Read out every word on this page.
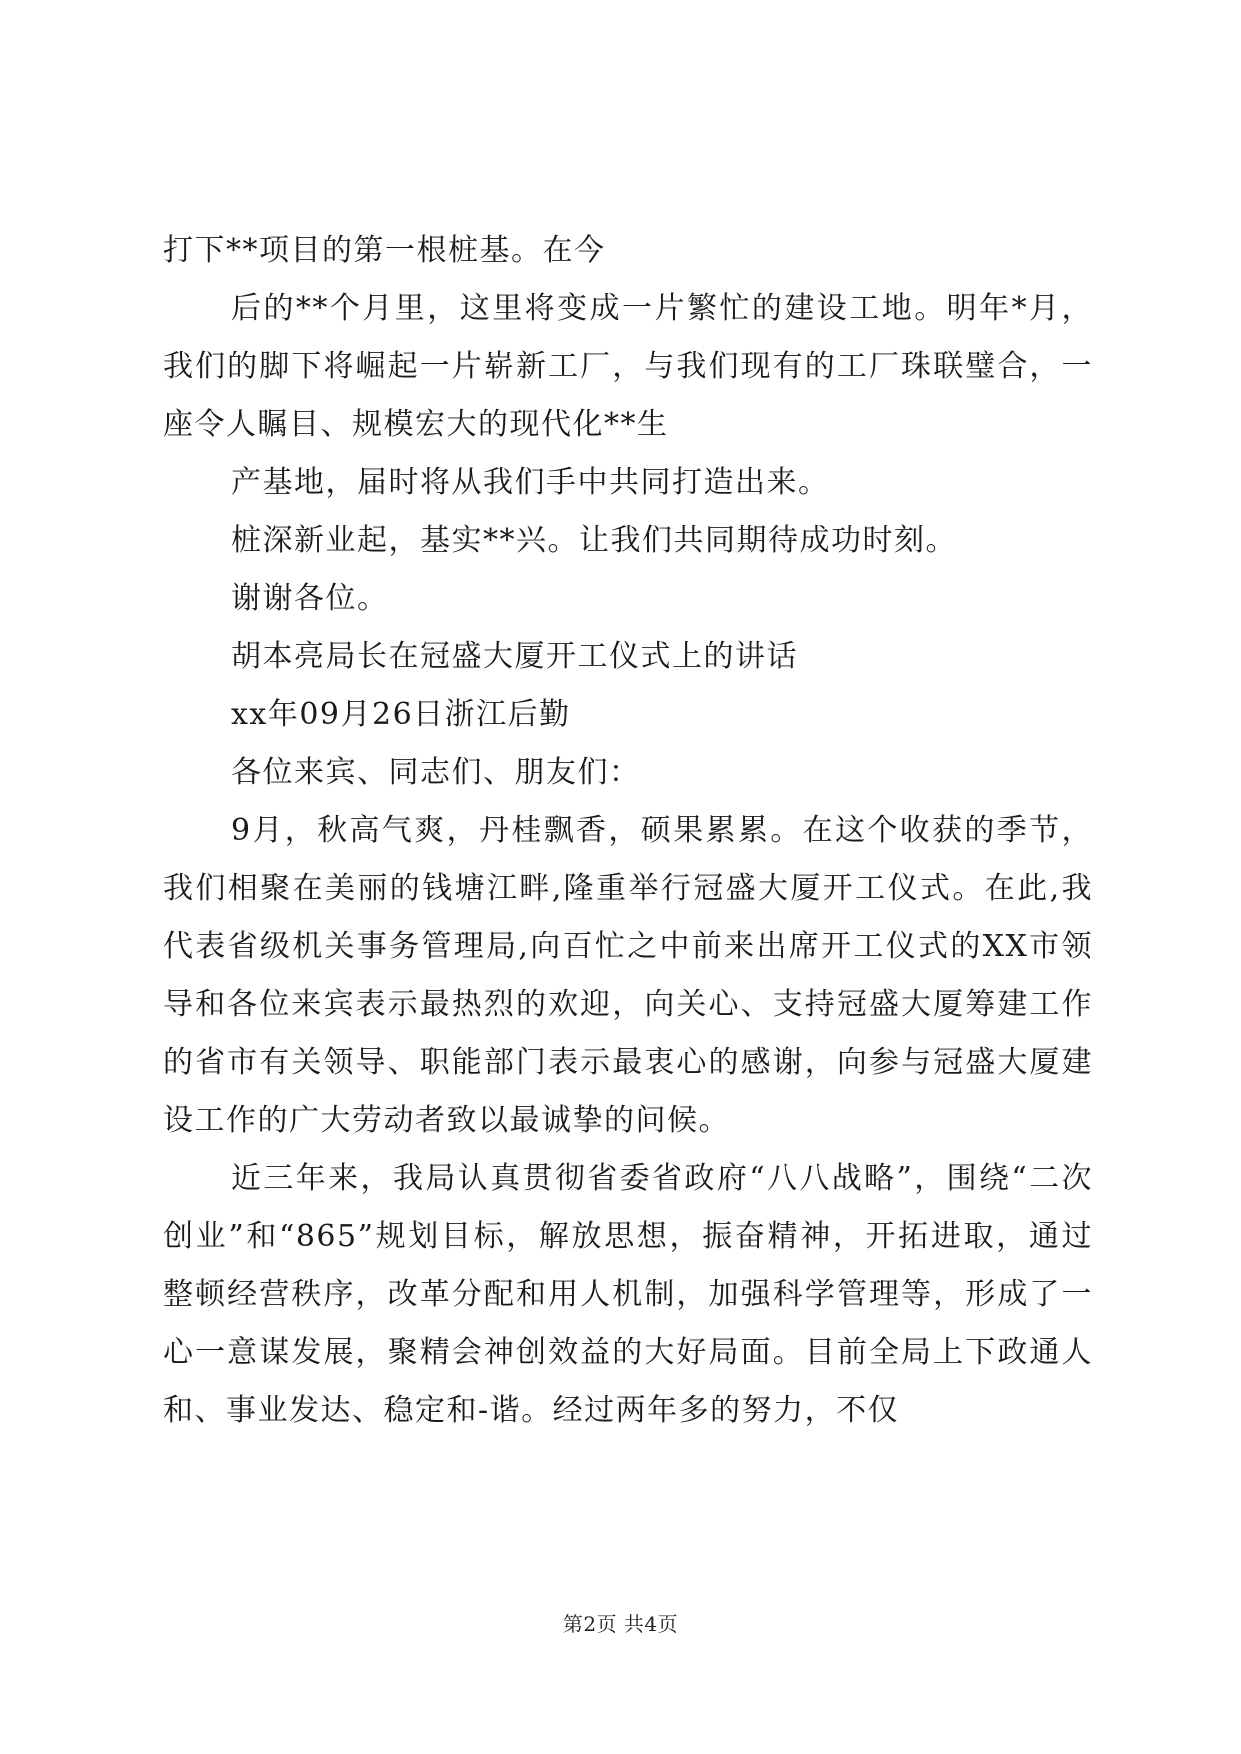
打下**项目的第一根桩基。在今

后的**个月里，这里将变成一片繁忙的建设工地。明年*月，我们的脚下将崛起一片崭新工厂，与我们现有的工厂珠联璧合，一座令人瞩目、规模宏大的现代化**生

产基地，届时将从我们手中共同打造出来。

桩深新业起，基实**兴。让我们共同期待成功时刻。

谢谢各位。

胡本亮局长在冠盛大厦开工仪式上的讲话

xx年09月26日浙江后勤

各位来宾、同志们、朋友们：

9月，秋高气爽，丹桂飘香，硕果累累。在这个收获的季节，我们相聚在美丽的钱塘江畔,隆重举行冠盛大厦开工仪式。在此,我代表省级机关事务管理局,向百忙之中前来出席开工仪式的XX市领导和各位来宾表示最热烈的欢迎，向关心、支持冠盛大厦筹建工作的省市有关领导、职能部门表示最衷心的感谢，向参与冠盛大厦建设工作的广大劳动者致以最诚挚的问候。

近三年来，我局认真贯彻省委省政府“八八战略”，围绕“二次创业”和“865”规划目标，解放思想，振奋精神，开拓进取，通过整顿经营秩序，改革分配和用人机制，加强科学管理等，形成了一心一意谋发展，聚精会神创效益的大好局面。目前全局上下政通人和、事业发达、稳定和-谐。经过两年多的努力，不仅

第2页 共4页
